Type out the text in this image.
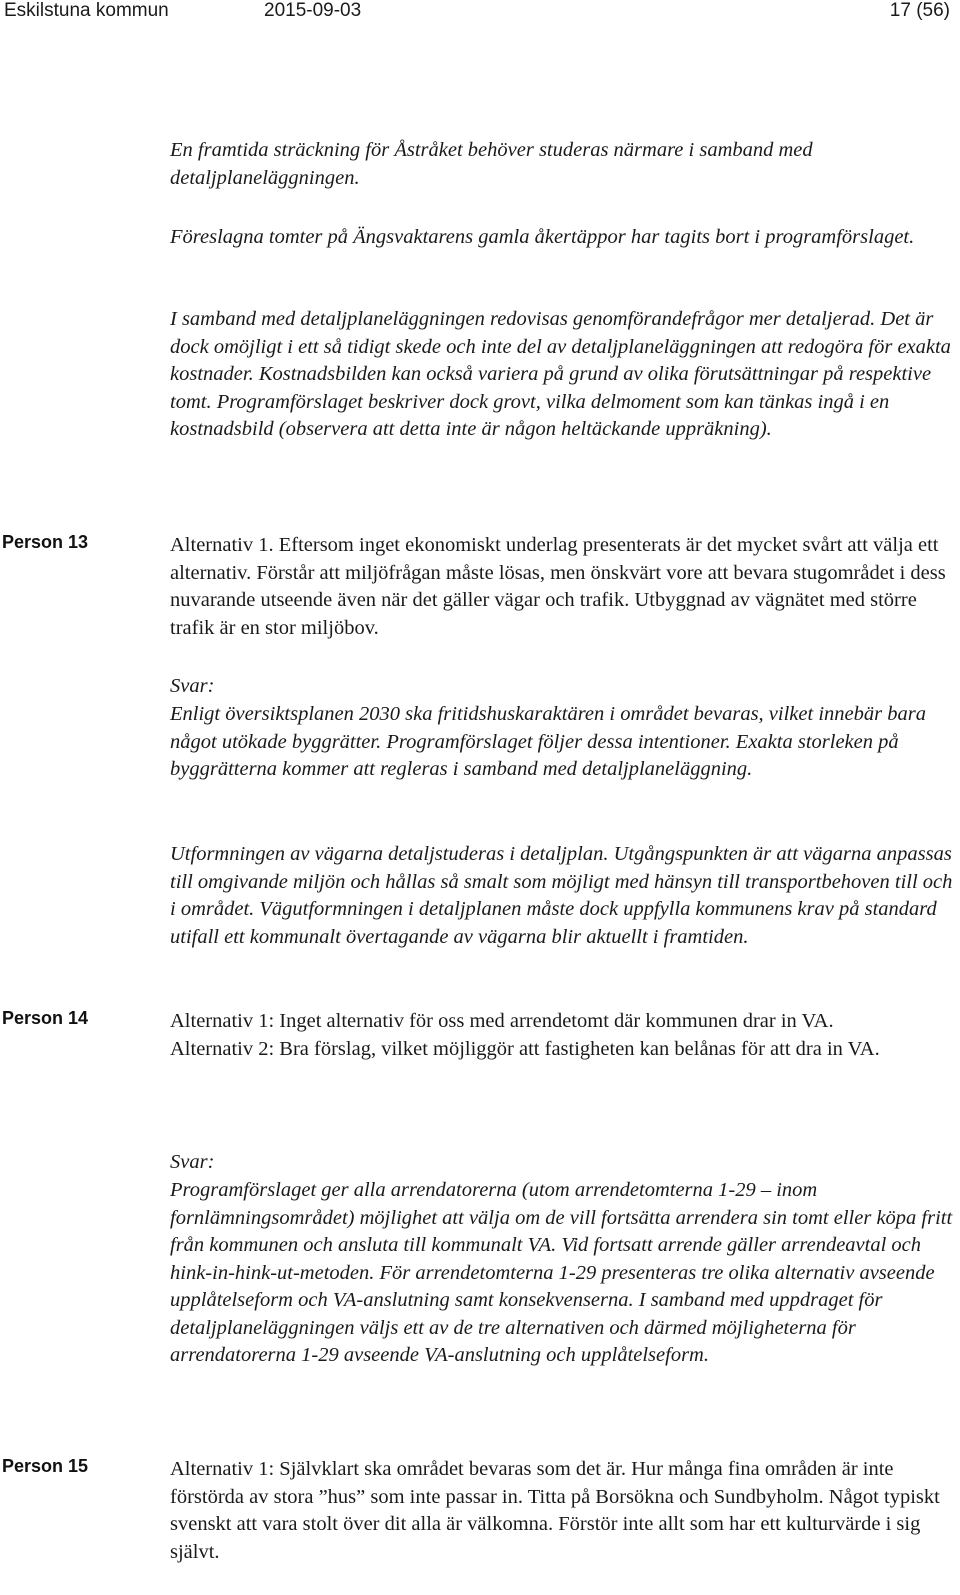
Eskilstuna kommun	2015-09-03	17 (56)

En framtida sträckning för Åstråket behöver studeras närmare i samband med detaljplaneläggningen.

Föreslagna tomter på Ängsvaktarens gamla åkertäppor har tagits bort i programförslaget.

I samband med detaljplaneläggningen redovisas genomförandefrågor mer detaljerad. Det är dock omöjligt i ett så tidigt skede och inte del av detaljplaneläggningen att redogöra för exakta kostnader. Kostnadsbilden kan också variera på grund av olika förutsättningar på respektive tomt. Programförslaget beskriver dock grovt, vilka delmoment som kan tänkas ingå i en kostnadsbild (observera att detta inte är någon heltäckande uppräkning).

Person 13	Alternativ 1. Eftersom inget ekonomiskt underlag presenterats är det mycket svårt att välja ett alternativ. Förstår att miljöfrågan måste lösas, men önskvärt vore att bevara stugområdet i dess nuvarande utseende även när det gäller vägar och trafik. Utbyggnad av vägnätet med större trafik är en stor miljöbov.

Svar:

Enligt översiktsplanen 2030 ska fritidshuskaraktären i området bevaras, vilket innebär bara något utökade byggrätter. Programförslaget följer dessa intentioner. Exakta storleken på byggrätterna kommer att regleras i samband med detaljplaneläggning.

Utformningen av vägarna detaljstuderas i detaljplan. Utgångspunkten är att vägarna anpassas till omgivande miljön och hållas så smalt som möjligt med hänsyn till transportbehoven till och i området. Vägutformningen i detaljplanen måste dock uppfylla kommunens krav på standard utifall ett kommunalt övertagande av vägarna blir aktuellt i framtiden.

Person 14	Alternativ 1: Inget alternativ för oss med arrendetomt där kommunen drar in VA.

Alternativ 2: Bra förslag, vilket möjliggör att fastigheten kan belånas för att dra in VA.

Svar:

Programförslaget ger alla arrendatorerna (utom arrendetomterna 1-29 – inom fornlämningsområdet) möjlighet att välja om de vill fortsätta arrendera sin tomt eller köpa fritt från kommunen och ansluta till kommunalt VA. Vid fortsatt arrende gäller arrendeavtal och hink-in-hink-ut-metoden. För arrendetomterna 1-29 presenteras tre olika alternativ avseende upplåtelseform och VA-anslutning samt konsekvenserna. I samband med uppdraget för detaljplaneläggningen väljs ett av de tre alternativen och därmed möjligheterna för arrendatorerna 1-29 avseende VA-anslutning och upplåtelseform.

Person 15	Alternativ 1: Självklart ska området bevaras som det är. Hur många fina områden är inte förstörda av stora ”hus” som inte passar in. Titta på Borsökna och Sundbyholm. Något typiskt svenskt att vara stolt över dit alla är välkomna. Förstör inte allt som har ett kulturvärde i sig självt.
